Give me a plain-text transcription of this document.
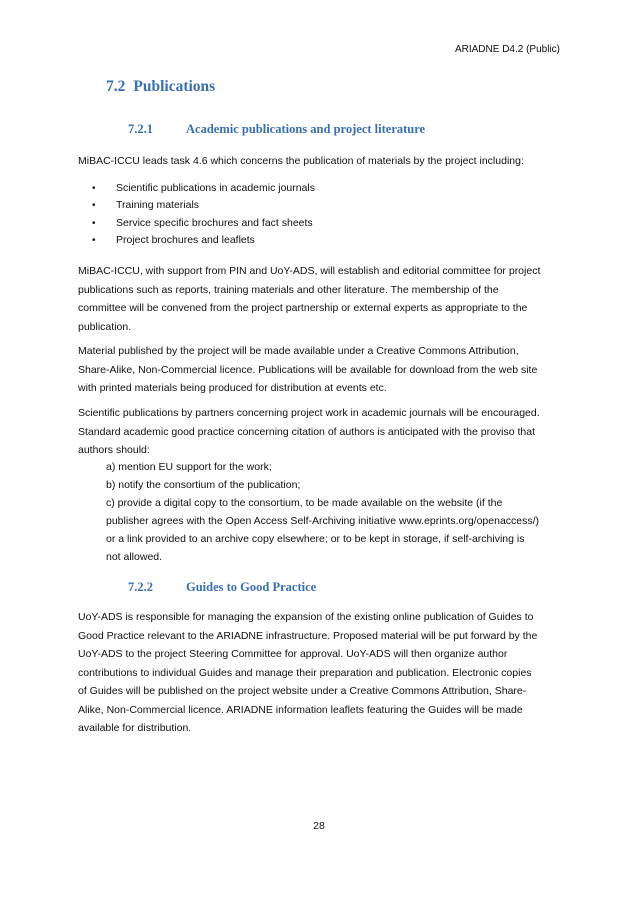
ARIADNE D4.2 (Public)
7.2 Publications
7.2.1	Academic publications and project literature
MiBAC-ICCU leads task 4.6 which concerns the publication of materials by the project including:
•	Scientific publications in academic journals
•	Training materials
•	Service specific brochures and fact sheets
•	Project brochures and leaflets
MiBAC-ICCU, with support from PIN and UoY-ADS, will establish and editorial committee for project
publications such as reports, training materials and other literature. The membership of the
committee will be convened from the project partnership or external experts as appropriate to the
publication.
Material published by the project will be made available under a Creative Commons Attribution,
Share-Alike, Non-Commercial licence. Publications will be available for download from the web site
with printed materials being produced for distribution at events etc.
Scientific publications by partners concerning project work in academic journals will be encouraged.
Standard academic good practice concerning citation of authors is anticipated with the proviso that
authors should:
a) mention EU support for the work;
b) notify the consortium of the publication;
c) provide a digital copy to the consortium, to be made available on the website (if the
publisher agrees with the Open Access Self-Archiving initiative www.eprints.org/openaccess/)
or a link provided to an archive copy elsewhere; or to be kept in storage, if self-archiving is
not allowed.
7.2.2	Guides to Good Practice
UoY-ADS is responsible for managing the expansion of the existing online publication of Guides to
Good Practice relevant to the ARIADNE infrastructure. Proposed material will be put forward by the
UoY-ADS to the project Steering Committee for approval. UoY-ADS will then organize author
contributions to individual Guides and manage their preparation and publication. Electronic copies
of Guides will be published on the project website under a Creative Commons Attribution, Share-
Alike, Non-Commercial licence. ARIADNE information leaflets featuring the Guides will be made
available for distribution.
28
